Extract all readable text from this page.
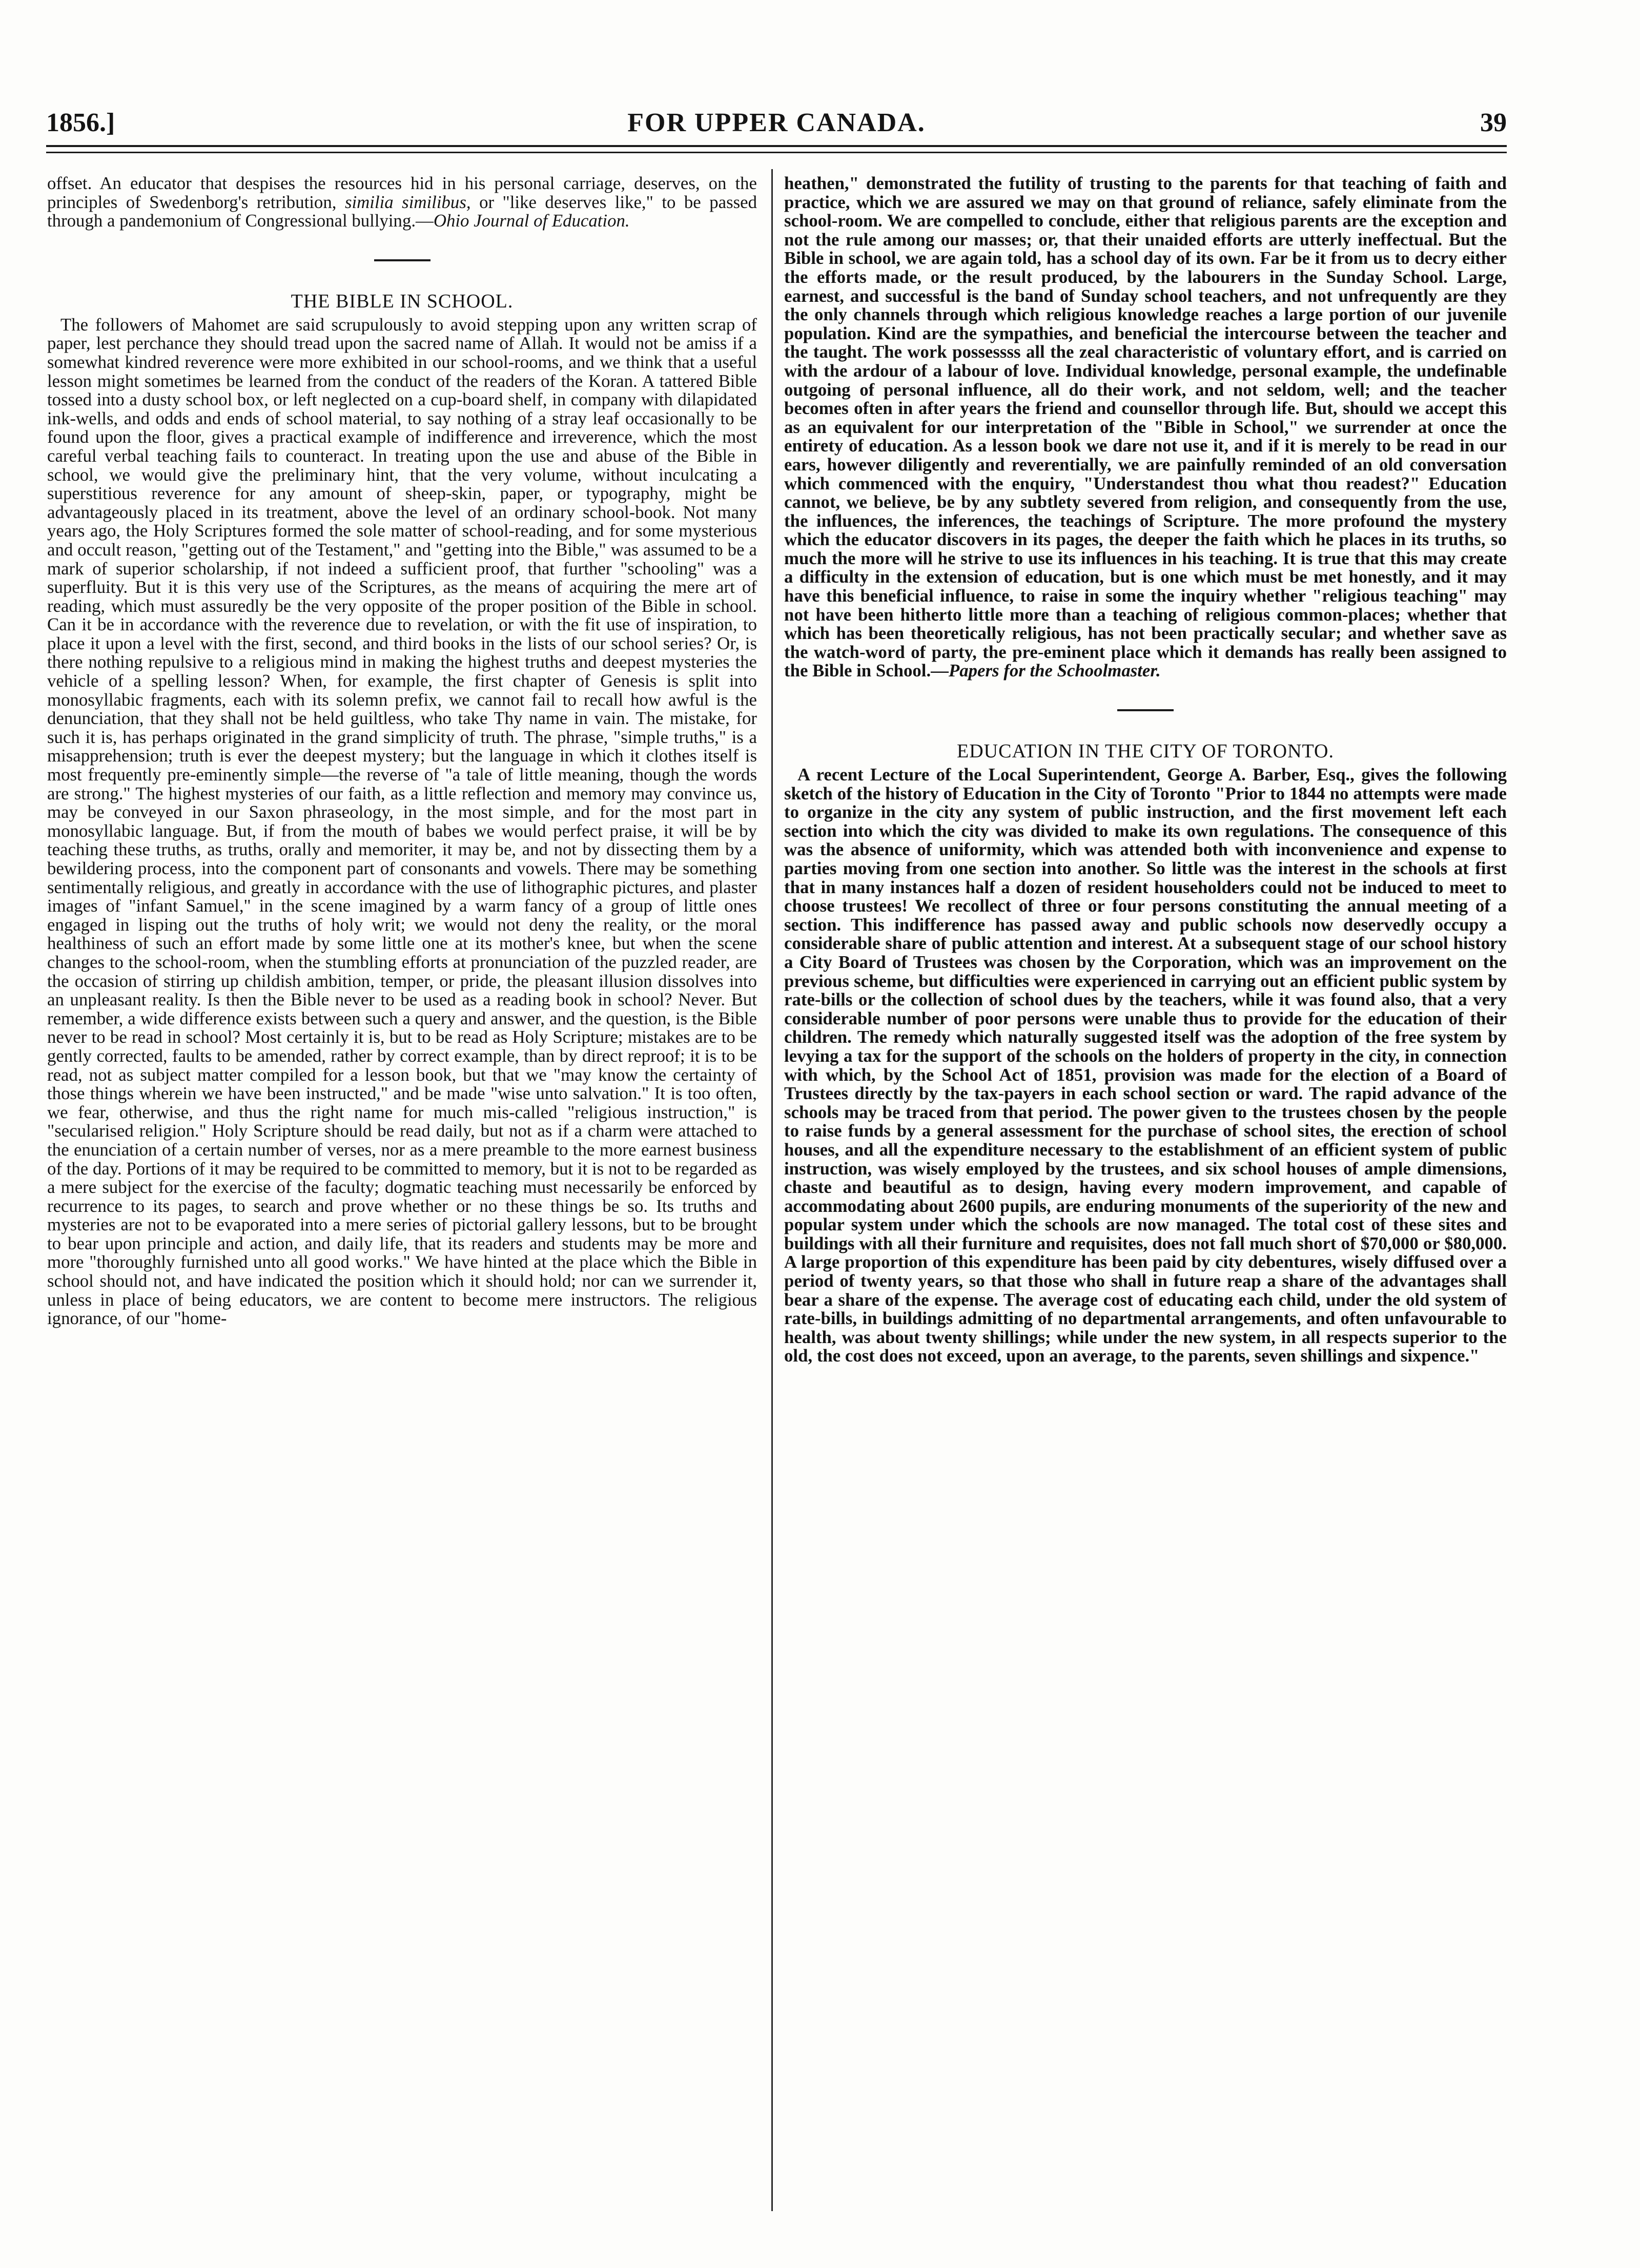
FOR UPPER CANADA.
1856.]	39

offset. An educator that despises the resources hid in his personal carriage, deserves, on the principles of Swedenborg's retribution, similia similibus, or "like deserves like," to be passed through a pandemonium of Congressional bullying.—Ohio Journal of Education.

THE BIBLE IN SCHOOL.

The followers of Mahomet are said scrupulously to avoid stepping upon any written scrap of paper, lest perchance they should tread upon the sacred name of Allah. It would not be amiss if a somewhat kindred reverence were more exhibited in our school-rooms, and we think that a useful lesson might sometimes be learned from the conduct of the readers of the Koran. A tattered Bible tossed into a dusty school box, or left neglected on a cup-board shelf, in company with dilapidated ink-wells, and odds and ends of school material, to say nothing of a stray leaf occasionally to be found upon the floor, gives a practical example of indifference and irreverence, which the most careful verbal teaching fails to counteract. In treating upon the use and abuse of the Bible in school, we would give the preliminary hint, that the very volume, without inculcating a superstitious reverence for any amount of sheep-skin, paper, or typography, might be advantageously placed in its treatment, above the level of an ordinary school-book. Not many years ago, the Holy Scriptures formed the sole matter of school-reading, and for some mysterious and occult reason, "getting out of the Testament," and "getting into the Bible," was assumed to be a mark of superior scholarship, if not indeed a sufficient proof, that further "schooling" was a superfluity. But it is this very use of the Scriptures, as the means of acquiring the mere art of reading, which must assuredly be the very opposite of the proper position of the Bible in school. Can it be in accordance with the reverence due to revelation, or with the fit use of inspiration, to place it upon a level with the first, second, and third books in the lists of our school series? Or, is there nothing repulsive to a religious mind in making the highest truths and deepest mysteries the vehicle of a spelling lesson? When, for example, the first chapter of Genesis is split into monosyllabic fragments, each with its solemn prefix, we cannot fail to recall how awful is the denunciation, that they shall not be held guiltless, who take Thy name in vain. The mistake, for such it is, has perhaps originated in the grand simplicity of truth. The phrase, "simple truths," is a misapprehension; truth is ever the deepest mystery; but the language in which it clothes itself is most frequently pre-eminently simple—the reverse of "a tale of little meaning, though the words are strong." The highest mysteries of our faith, as a little reflection and memory may convince us, may be conveyed in our Saxon phraseology, in the most simple, and for the most part in monosyllabic language. But, if from the mouth of babes we would perfect praise, it will be by teaching these truths, as truths, orally and memoriter, it may be, and not by dissecting them by a bewildering process, into the component part of consonants and vowels. There may be something sentimentally religious, and greatly in accordance with the use of lithographic pictures, and plaster images of "infant Samuel," in the scene imagined by a warm fancy of a group of little ones engaged in lisping out the truths of holy writ; we would not deny the reality, or the moral healthiness of such an effort made by some little one at its mother's knee, but when the scene changes to the school-room, when the stumbling efforts at pronunciation of the puzzled reader, are the occasion of stirring up childish ambition, temper, or pride, the pleasant illusion dissolves into an unpleasant reality. Is then the Bible never to be used as a reading book in school? Never. But remember, a wide difference exists between such a query and answer, and the question, is the Bible never to be read in school? Most certainly it is, but to be read as Holy Scripture; mistakes are to be gently corrected, faults to be amended, rather by correct example, than by direct reproof; it is to be read, not as subject matter compiled for a lesson book, but that we "may know the certainty of those things wherein we have been instructed," and be made "wise unto salvation." It is too often, we fear, otherwise, and thus the right name for much mis-called "religious instruction," is "secularised religion." Holy Scripture should be read daily, but not as if a charm were attached to the enunciation of a certain number of verses, nor as a mere preamble to the more earnest business of the day. Portions of it may be required to be committed to memory, but it is not to be regarded as a mere subject for the exercise of the faculty; dogmatic teaching must necessarily be enforced by recurrence to its pages, to search and prove whether or no these things be so. Its truths and mysteries are not to be evaporated into a mere series of pictorial gallery lessons, but to be brought to bear upon principle and action, and daily life, that its readers and students may be more and more "thoroughly furnished unto all good works." We have hinted at the place which the Bible in school should not, and have indicated the position which it should hold; nor can we surrender it, unless in place of being educators, we are content to become mere instructors. The religious ignorance, of our "home-

heathen," demonstrated the futility of trusting to the parents for that teaching of faith and practice, which we are assured we may on that ground of reliance, safely eliminate from the school-room. We are compelled to conclude, either that religious parents are the exception and not the rule among our masses; or, that their unaided efforts are utterly ineffectual. But the Bible in school, we are again told, has a school day of its own. Far be it from us to decry either the efforts made, or the result produced, by the labourers in the Sunday School. Large, earnest, and successful is the band of Sunday school teachers, and not unfrequently are they the only channels through which religious knowledge reaches a large portion of our juvenile population. Kind are the sympathies, and beneficial the intercourse between the teacher and the taught. The work possessss all the zeal characteristic of voluntary effort, and is carried on with the ardour of a labour of love. Individual knowledge, personal example, the undefinable outgoing of personal influence, all do their work, and not seldom, well; and the teacher becomes often in after years the friend and counsellor through life. But, should we accept this as an equivalent for our interpretation of the "Bible in School," we surrender at once the entirety of education. As a lesson book we dare not use it, and if it is merely to be read in our ears, however diligently and reverentially, we are painfully reminded of an old conversation which commenced with the enquiry, "Understandest thou what thou readest?" Education cannot, we believe, be by any subtlety severed from religion, and consequently from the use, the influences, the inferences, the teachings of Scripture. The more profound the mystery which the educator discovers in its pages, the deeper the faith which he places in its truths, so much the more will he strive to use its influences in his teaching. It is true that this may create a difficulty in the extension of education, but is one which must be met honestly, and it may have this beneficial influence, to raise in some the inquiry whether "religious teaching" may not have been hitherto little more than a teaching of religious common-places; whether that which has been theoretically religious, has not been practically secular; and whether save as the watch-word of party, the pre-eminent place which it demands has really been assigned to the Bible in School.—Papers for the Schoolmaster.

EDUCATION IN THE CITY OF TORONTO.

A recent Lecture of the Local Superintendent, George A. Barber, Esq., gives the following sketch of the history of Education in the City of Toronto "Prior to 1844 no attempts were made to organize in the city any system of public instruction, and the first movement left each section into which the city was divided to make its own regulations. The consequence of this was the absence of uniformity, which was attended both with inconvenience and expense to parties moving from one section into another. So little was the interest in the schools at first that in many instances half a dozen of resident householders could not be induced to meet to choose trustees! We recollect of three or four persons constituting the annual meeting of a section. This indifference has passed away and public schools now deservedly occupy a considerable share of public attention and interest. At a subsequent stage of our school history a City Board of Trustees was chosen by the Corporation, which was an improvement on the previous scheme, but difficulties were experienced in carrying out an efficient public system by rate-bills or the collection of school dues by the teachers, while it was found also, that a very considerable number of poor persons were unable thus to provide for the education of their children. The remedy which naturally suggested itself was the adoption of the free system by levying a tax for the support of the schools on the holders of property in the city, in connection with which, by the School Act of 1851, provision was made for the election of a Board of Trustees directly by the tax-payers in each school section or ward. The rapid advance of the schools may be traced from that period. The power given to the trustees chosen by the people to raise funds by a general assessment for the purchase of school sites, the erection of school houses, and all the expenditure necessary to the establishment of an efficient system of public instruction, was wisely employed by the trustees, and six school houses of ample dimensions, chaste and beautiful as to design, having every modern improvement, and capable of accommodating about 2600 pupils, are enduring monuments of the superiority of the new and popular system under which the schools are now managed. The total cost of these sites and buildings with all their furniture and requisites, does not fall much short of $70,000 or $80,000. A large proportion of this expenditure has been paid by city debentures, wisely diffused over a period of twenty years, so that those who shall in future reap a share of the advantages shall bear a share of the expense. The average cost of educating each child, under the old system of rate-bills, in buildings admitting of no departmental arrangements, and often unfavourable to health, was about twenty shillings; while under the new system, in all respects superior to the old, the cost does not exceed, upon an average, to the parents, seven shillings and sixpence."
